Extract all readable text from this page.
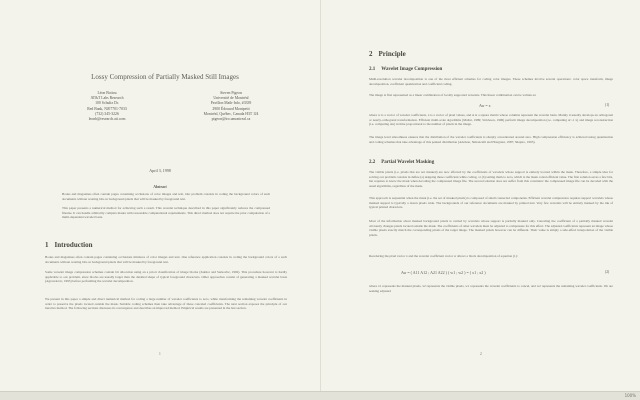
Lossy Compression of Partially Masked Still Images
Léon Bottou
AT&T Labs Research
100 Schultz Dr.
Red Bank, NJ07701-7033
(732) 345-3226
leonb@research.att.com
Steven Pigeon
Université de Montréal
Pavillon Math-Info, #3339
2900 Édouard Montpetit
Montréal, Québec, Canada H3T 1J4
pigeon@iro.umontreal.ca
April 3, 1998
Abstract
Books and magazines often contain pages containing occlusions of color images and text. Our problem consists in coding the background colors of such documents without wasting bits on background pixels that will be masked by foreground text.
This paper presents a numerical method for achieving such a result. This wavelet technique described in this paper significantly reduces the compressed filesize. It can handle arbitrarily complex masks with reasonable computational requirements. This direct method does not require the prior computation of a multi-dependent wavelet basis.
1 Introduction
Books and magazines often contain pages containing occlusions mixtures of color images and text. One reference application consists in coding the background colors of a such documents without wasting bits on background pixels that will be masked by foreground text.
Some wavelet image compression schemes contain bit allocation using an a priori classification of image blocks (Zakhor and Sarkovitz, 1992). This procedure however is hardly applicable to our problem, since blocks are usually larger than the detailed shape of typical foreground characters. Other approaches consist of generating a masked wavelet basis (Agrawal/etc, 1993) before performing the wavelet decomposition.
We present in this paper a simple and direct numerical method for coding a large number of wavelet coefficients to zero, while transforming the remaining wavelet coefficients in order to preserve the pixels located outside the mask. Suitable coding schemes then take advantage of these canceled coefficients. The next section exposes the principle of our iterative method. The following sections discusses its convergence and describes an improved method. Empirical results are presented in the last section.
1
2 Principle
2.1 Wavelet Image Compression
Multi-resolution wavelet decomposition is one of the most efficient schemes for coding color images. These schemes involve several operations: color space transform, image decomposition, coefficient quantization and coefficient coding.
The image is first represented as a linear combination of locally supported wavelets. This linear combination can be written as:
Aw = x	(1)
where w is a vector of wavelet coefficients, x is a vector of pixel values, and A is a square matrix whose columns represent the wavelet basis. Mainly it usually develops an orthogonal or nearly-orthogonal transformation. Efficient multi-scale algorithms (Mallat, 1989; Strickson, 1996) perform image decomposition (i.e. computing A^-1 x) and image reconstruction (i.e. computing Aw) in time proportional to the number of pixels in the image.
The image level smoothness ensures that the distribution of the wavelet coefficients is sharply concentrated around zero. High compression efficiency is achieved using quantization and coding schemes that take advantage of this peaked distribution (Adelson, Simoncelli and Hongrani, 1987; Shapiro, 1993).
2.2 Partial Wavelet Masking
The visible pixels (i.e. pixels that are not masked) are now affected by the coefficients of wavelets whose support is entirely located within the mask. Therefore, a simple idea for solving our problem consists in define (a) skipping these coefficient while coding, or (b) setting them to zero, which is the mask coded efficient value. The first solution saves a few bits, but requires to know the mask when decoding the compressed image file. The second solution does not suffer from this constraint: the compressed image file can be decoded with the usual algorithms, regardless of the mask.
This approach is sequential when the mask (i.e. the set of masked pixels) is composed of small connected components. Efficient wavelet compression requires support wavelets whose masked support is typically a dozen pixels wide. The backgrounds of our reference documents are masked by printed text. Very few wavelets will be entirely masked by the ink of typical printed characters.
Most of the information about masked background pixels is carried by wavelets whose support is partially masked only. Canceling the coefficient of a partially masked wavelet obviously changes pixels located outside the mask. The coefficients of other wavelets must be adjusted to compensate for this effect. The adjusted coefficients represent an image whose visible pixels exactly match the corresponding pixels of the target image. The masked pixels however can be different. Their value is simply a side-effect interpolation of the visible pixels.
Reordering the pixel vector x and the wavelet coefficient vector w allows a block decomposition of equation (1):
Aw = ( A11 A12 ; A21 A22 ) ( w1 ; w2 ) = ( x1 ; x2 )	(2)
where x1 represents the masked pixels, x2 represents the visible pixels, w1 represents the wavelet coefficients to cancel, and w2 represents the remaining wavelet coefficients. We are seeking adjusted
2
100%
